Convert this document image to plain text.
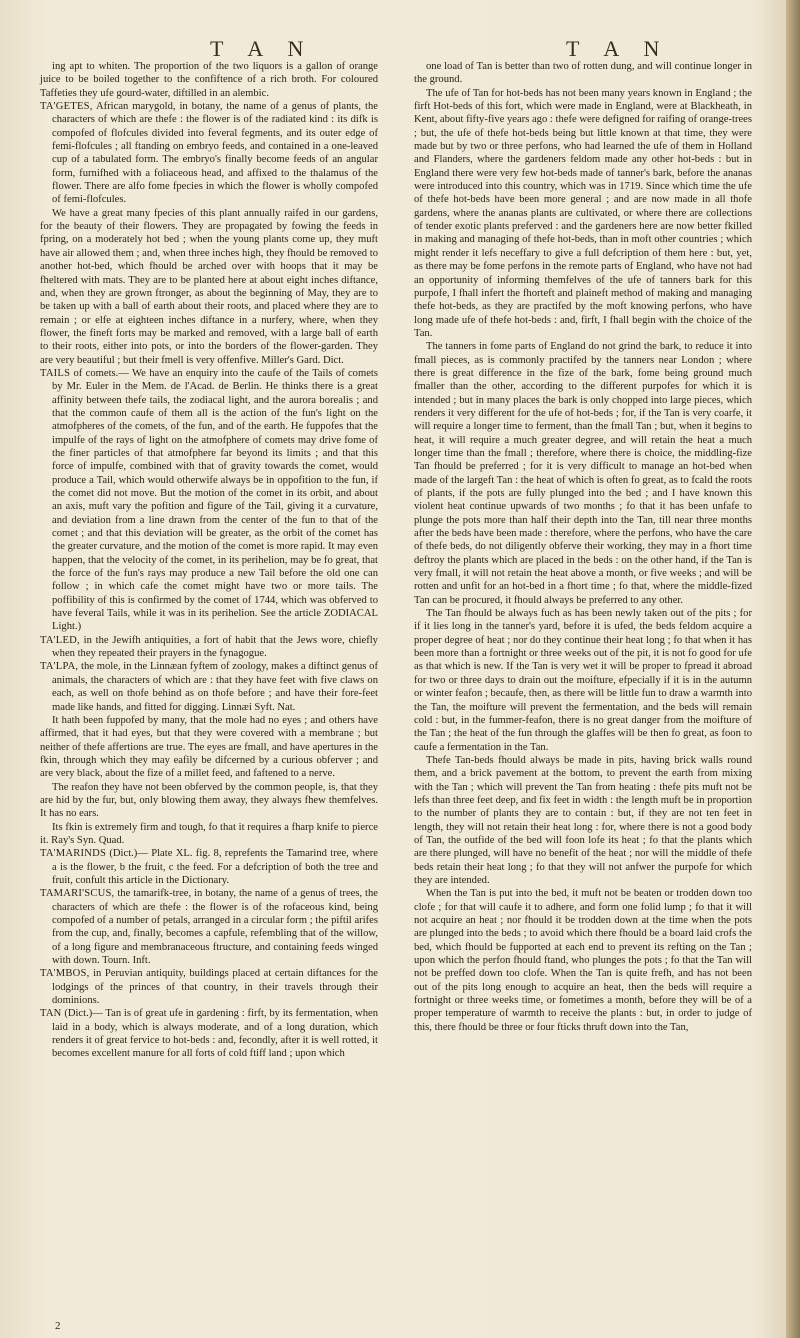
T A N	T A N

ing apt to whiten. The proportion of the two liquors is a gallon of orange juice to be boiled together to the confiftence of a rich broth. For coloured Taffeties they ufe gourd-water, diftilled in an alembic.

TA'GETES, African marygold, in botany, the name of a genus of plants, the characters of which are thefe : the flower is of the radiated kind : its difk is compofed of flofcules divided into feveral fegments, and its outer edge of femi-flofcules ; all ftanding on embryo feeds, and contained in a one-leaved cup of a tabulated form. The embryo's finally become feeds of an angular form, furnifhed with a foliaceous head, and affixed to the thalamus of the flower. There are alfo fome fpecies in which the flower is wholly compofed of femi-flofcules.

We have a great many fpecies of this plant annually raifed in our gardens, for the beauty of their flowers. They are propagated by fowing the feeds in fpring, on a moderately hot bed ; when the young plants come up, they muft have air allowed them ; and, when three inches high, they fhould be removed to another hot-bed, which fhould be arched over with hoops that it may be fheltered with mats. They are to be planted here at about eight inches diftance, and, when they are grown ftronger, as about the beginning of May, they are to be taken up with a ball of earth about their roots, and placed where they are to remain ; or elfe at eighteen inches diftance in a nurfery, where, when they flower, the fineft forts may be marked and removed, with a large ball of earth to their roots, either into pots, or into the borders of the flower-garden. They are very beautiful ; but their fmell is very offenfive. Miller's Gard. Dict.

TAILS of comets.— We have an enquiry into the caufe of the Tails of comets by Mr. Euler in the Mem. de l'Acad. de Berlin. He thinks there is a great affinity between thefe tails, the zodiacal light, and the aurora borealis ; and that the common caufe of them all is the action of the fun's light on the atmofpheres of the comets, of the fun, and of the earth. He fuppofes that the impulfe of the rays of light on the atmofphere of comets may drive fome of the finer particles of that atmofphere far beyond its limits ; and that this force of impulfe, combined with that of gravity towards the comet, would produce a Tail, which would otherwife always be in oppofition to the fun, if the comet did not move. But the motion of the comet in its orbit, and about an axis, muft vary the pofition and figure of the Tail, giving it a curvature, and deviation from a line drawn from the center of the fun to that of the comet ; and that this deviation will be greater, as the orbit of the comet has the greater curvature, and the motion of the comet is more rapid. It may even happen, that the velocity of the comet, in its perihelion, may be fo great, that the force of the fun's rays may produce a new Tail before the old one can follow ; in which cafe the comet might have two or more tails. The poffibility of this is confirmed by the comet of 1744, which was obferved to have feveral Tails, while it was in its perihelion. See the article ZODIACAL Light.)

TA'LED, in the Jewifh antiquities, a fort of habit that the Jews wore, chiefly when they repeated their prayers in the fynagogue.

TA'LPA, the mole, in the Linnæan fyftem of zoology, makes a diftinct genus of animals, the characters of which are : that they have feet with five claws on each, as well on thofe behind as on thofe before ; and have their fore-feet made like hands, and fitted for digging. Linnæi Syft. Nat.

It hath been fuppofed by many, that the mole had no eyes ; and others have affirmed, that it had eyes, but that they were covered with a membrane ; but neither of thefe affertions are true. The eyes are fmall, and have apertures in the fkin, through which they may eafily be difcerned by a curious obferver ; and are very black, about the fize of a millet feed, and faftened to a nerve.

The reafon they have not been obferved by the common people, is, that they are hid by the fur, but, only blowing them away, they always fhew themfelves. It has no ears.

Its fkin is extremely firm and tough, fo that it requires a fharp knife to pierce it. Ray's Syn. Quad.

TA'MARINDS (Dict.)— Plate XL. fig. 8, reprefents the Tamarind tree, where a is the flower, b the fruit, c the feed. For a defcription of both the tree and fruit, confult this article in the Dictionary.

TAMARI'SCUS, the tamarifk-tree, in botany, the name of a genus of trees, the characters of which are thefe : the flower is of the rofaceous kind, being compofed of a number of petals, arranged in a circular form ; the piftil arifes from the cup, and, finally, becomes a capfule, refembling that of the willow, of a long figure and membranaceous ftructure, and containing feeds winged with down. Tourn. Inft.

TA'MBOS, in Peruvian antiquity, buildings placed at certain diftances for the lodgings of the princes of that country, in their travels through their dominions.

TAN (Dict.)— Tan is of great ufe in gardening : firft, by its fermentation, when laid in a body, which is always moderate, and of a long duration, which renders it of great fervice to hot-beds : and, fecondly, after it is well rotted, it becomes excellent manure for all forts of cold ftiff land ; upon which

one load of Tan is better than two of rotten dung, and will continue longer in the ground.

The ufe of Tan for hot-beds has not been many years known in England ; the firft Hot-beds of this fort, which were made in England, were at Blackheath, in Kent, about fifty-five years ago : thefe were defigned for raifing of orange-trees ; but, the ufe of thefe hot-beds being but little known at that time, they were made but by two or three perfons, who had learned the ufe of them in Holland and Flanders, where the gardeners feldom made any other hot-beds : but in England there were very few hot-beds made of tanner's bark, before the ananas were introduced into this country, which was in 1719. Since which time the ufe of thefe hot-beds have been more general ; and are now made in all thofe gardens, where the ananas plants are cultivated, or where there are collections of tender exotic plants preferved : and the gardeners here are now better fkilled in making and managing of thefe hot-beds, than in moft other countries ; which might render it lefs neceffary to give a full defcription of them here : but, yet, as there may be fome perfons in the remote parts of England, who have not had an opportunity of informing themfelves of the ufe of tanners bark for this purpofe, I fhall infert the fhorteft and plaineft method of making and managing thefe hot-beds, as they are practifed by the moft knowing perfons, who have long made ufe of thefe hot-beds : and, firft, I fhall begin with the choice of the Tan.

The tanners in fome parts of England do not grind the bark, to reduce it into fmall pieces, as is commonly practifed by the tanners near London ; where there is great difference in the fize of the bark, fome being ground much fmaller than the other, according to the different purpofes for which it is intended ; but in many places the bark is only chopped into large pieces, which renders it very different for the ufe of hot-beds ; for, if the Tan is very coarfe, it will require a longer time to ferment, than the fmall Tan ; but, when it begins to heat, it will require a much greater degree, and will retain the heat a much longer time than the fmall ; therefore, where there is choice, the middling-fize Tan fhould be preferred ; for it is very difficult to manage an hot-bed when made of the largeft Tan : the heat of which is often fo great, as to fcald the roots of plants, if the pots are fully plunged into the bed ; and I have known this violent heat continue upwards of two months ; fo that it has been unfafe to plunge the pots more than half their depth into the Tan, till near three months after the beds have been made : therefore, where the perfons, who have the care of thefe beds, do not diligently obferve their working, they may in a fhort time deftroy the plants which are placed in the beds : on the other hand, if the Tan is very fmall, it will not retain the heat above a month, or five weeks ; and will be rotten and unfit for an hot-bed in a fhort time ; fo that, where the middle-fized Tan can be procured, it fhould always be preferred to any other.

The Tan fhould be always fuch as has been newly taken out of the pits ; for if it lies long in the tanner's yard, before it is ufed, the beds feldom acquire a proper degree of heat ; nor do they continue their heat long ; fo that when it has been more than a fortnight or three weeks out of the pit, it is not fo good for ufe as that which is new. If the Tan is very wet it will be proper to fpread it abroad for two or three days to drain out the moifture, efpecially if it is in the autumn or winter feafon ; becaufe, then, as there will be little fun to draw a warmth into the Tan, the moifture will prevent the fermentation, and the beds will remain cold : but, in the fummer-feafon, there is no great danger from the moifture of the Tan ; the heat of the fun through the glaffes will be then fo great, as foon to caufe a fermentation in the Tan.

Thefe Tan-beds fhould always be made in pits, having brick walls round them, and a brick pavement at the bottom, to prevent the earth from mixing with the Tan ; which will prevent the Tan from heating : thefe pits muft not be lefs than three feet deep, and fix feet in width : the length muft be in proportion to the number of plants they are to contain : but, if they are not ten feet in length, they will not retain their heat long : for, where there is not a good body of Tan, the outfide of the bed will foon lofe its heat ; fo that the plants which are there plunged, will have no benefit of the heat ; nor will the middle of thefe beds retain their heat long ; fo that they will not anfwer the purpofe for which they are intended.

When the Tan is put into the bed, it muft not be beaten or trodden down too clofe ; for that will caufe it to adhere, and form one folid lump ; fo that it will not acquire an heat ; nor fhould it be trodden down at the time when the pots are plunged into the beds ; to avoid which there fhould be a board laid crofs the bed, which fhould be fupported at each end to prevent its refting on the Tan ; upon which the perfon fhould ftand, who plunges the pots ; fo that the Tan will not be preffed down too clofe. When the Tan is quite frefh, and has not been out of the pits long enough to acquire an heat, then the beds will require a fortnight or three weeks time, or fometimes a month, before they will be of a proper temperature of warmth to receive the plants : but, in order to judge of this, there fhould be three or four fticks thruft down into the Tan,

2
